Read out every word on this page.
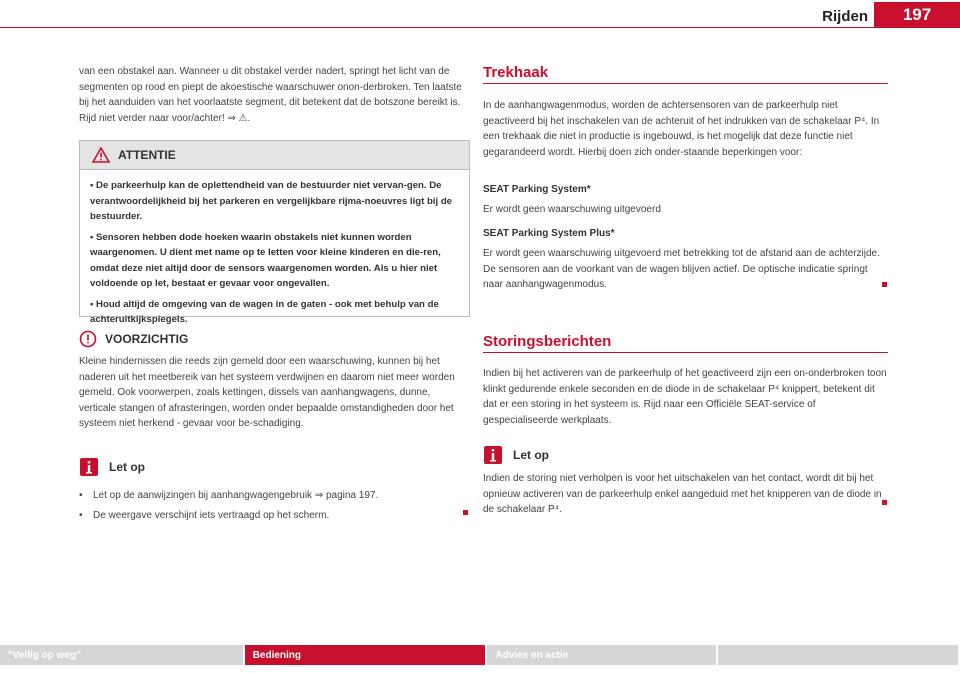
Rijden	197

van een obstakel aan. Wanneer u dit obstakel verder nadert, springt het licht van de segmenten op rood en piept de akoestische waarschuwer onon-derbroken. Ten laatste bij het aanduiden van het voorlaatste segment, dit betekent dat de botszone bereikt is. Rijd niet verder naar voor/achter! ⇒ ⚠.

ATTENTIE

• De parkeerhulp kan de oplettendheid van de bestuurder niet vervan-gen. De verantwoordelijkheid bij het parkeren en vergelijkbare rijma-noeuvres ligt bij de bestuurder.

• Sensoren hebben dode hoeken waarin obstakels niet kunnen worden waargenomen. U dient met name op te letten voor kleine kinderen en die-ren, omdat deze niet altijd door de sensors waargenomen worden. Als u hier niet voldoende op let, bestaat er gevaar voor ongevallen.

• Houd altijd de omgeving van de wagen in de gaten - ook met behulp van de achteruitkijkspiegels.

VOORZICHTIG

Kleine hindernissen die reeds zijn gemeld door een waarschuwing, kunnen bij het naderen uit het meetbereik van het systeem verdwijnen en daarom niet meer worden gemeld. Ook voorwerpen, zoals kettingen, dissels van aanhangwagens, dunne, verticale stangen of afrasteringen, worden onder bepaalde omstandigheden door het systeem niet herkend - gevaar voor be-schadiging.

Let op
• Let op de aanwijzingen bij aanhangwagengebruik ⇒ pagina 197.
• De weergave verschijnt iets vertraagd op het scherm.
Trekhaak

In de aanhangwagenmodus, worden de achtersensoren van de parkeerhulp niet geactiveerd bij het inschakelen van de achteruit of het indrukken van de schakelaar P⁴. In een trekhaak die niet in productie is ingebouwd, is het mogelijk dat deze functie niet gegarandeerd wordt. Hierbij doen zich onder-staande beperkingen voor:

SEAT Parking System*

Er wordt geen waarschuwing uitgevoerd

SEAT Parking System Plus*

Er wordt geen waarschuwing uitgevoerd met betrekking tot de afstand aan de achterzijde. De sensoren aan de voorkant van de wagen blijven actief. De optische indicatie springt naar aanhangwagenmodus.

Storingsberichten

Indien bij het activeren van de parkeerhulp of het geactiveerd zijn een on-onderbroken toon klinkt gedurende enkele seconden en de diode in de schakelaar P⁴ knippert, betekent dit dat er een storing in het systeem is. Rijd naar een Officiële SEAT-service of gespecialiseerde werkplaats.

Let op

Indien de storing niet verholpen is voor het uitschakelen van het contact, wordt dit bij het opnieuw activeren van de parkeerhulp enkel aangeduid met het knipperen van de diode in de schakelaar P⁴.

"Veilig op weg"	Bediening	Advies en actie
